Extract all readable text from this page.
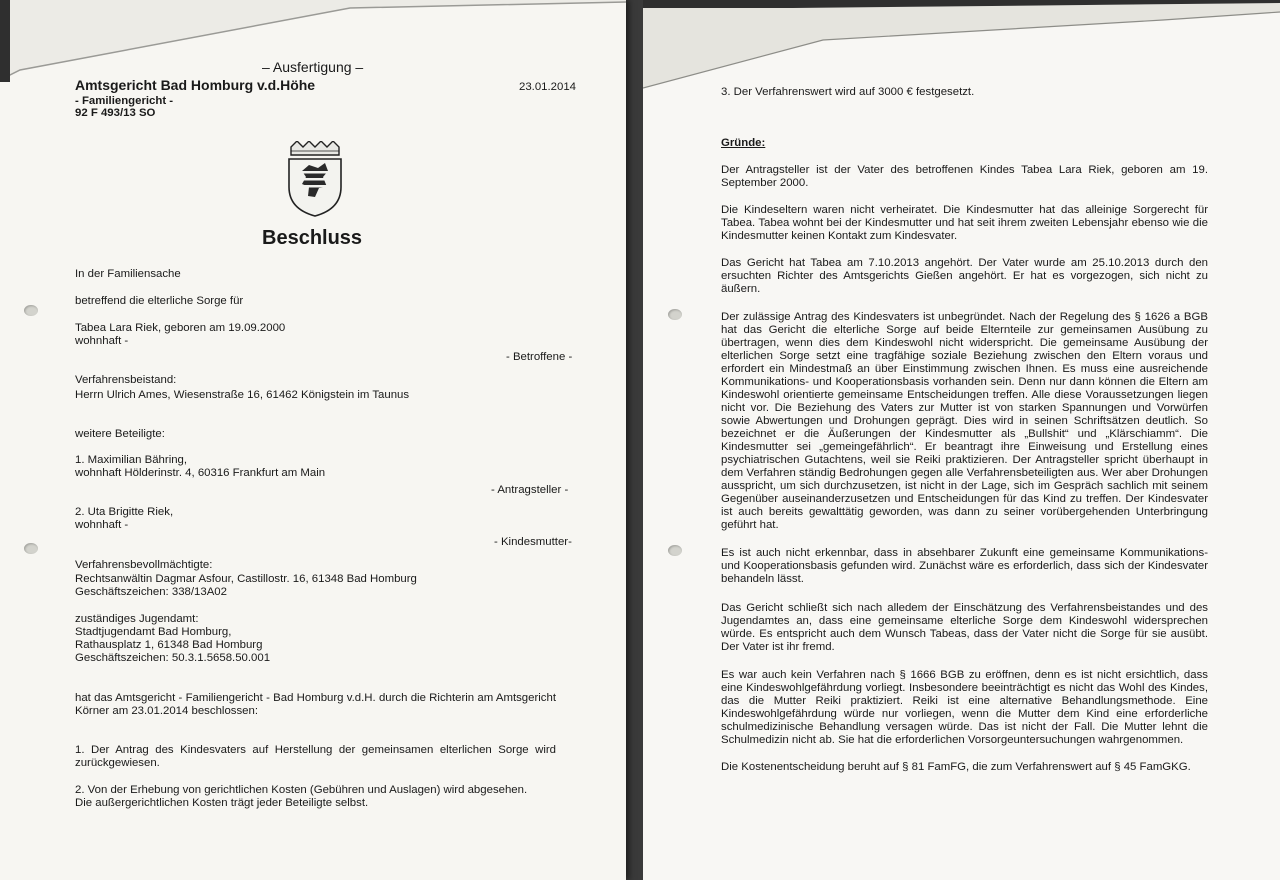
– Ausfertigung –
Amtsgericht Bad Homburg v.d.Höhe	23.01.2014
- Familiengericht -
92 F 493/13 SO
Beschluss
In der Familiensache
betreffend die elterliche Sorge für
Tabea Lara Riek, geboren am 19.09.2000
wohnhaft -
- Betroffene -
Verfahrensbeistand:
Herrn Ulrich Ames, Wiesenstraße 16, 61462 Königstein im Taunus
weitere Beteiligte:
1. Maximilian Bähring,
wohnhaft Hölderinstr. 4, 60316 Frankfurt am Main
- Antragsteller -
2. Uta Brigitte Riek,
wohnhaft -
- Kindesmutter-
Verfahrensbevollmächtigte:
Rechtsanwältin Dagmar Asfour, Castillostr. 16, 61348 Bad Homburg
Geschäftszeichen: 338/13A02
zuständiges Jugendamt:
Stadtjugendamt Bad Homburg,
Rathausplatz 1, 61348 Bad Homburg
Geschäftszeichen: 50.3.1.5658.50.001
hat das Amtsgericht - Familiengericht - Bad Homburg v.d.H. durch die Richterin am Amtsgericht Körner am 23.01.2014 beschlossen:
1. Der Antrag des Kindesvaters auf Herstellung der gemeinsamen elterlichen Sorge wird zurückgewiesen.
2. Von der Erhebung von gerichtlichen Kosten (Gebühren und Auslagen) wird abgesehen.
Die außergerichtlichen Kosten trägt jeder Beteiligte selbst.
3. Der Verfahrenswert wird auf 3000 € festgesetzt.
Gründe:
Der Antragsteller ist der Vater des betroffenen Kindes Tabea Lara Riek, geboren am 19. September 2000.
Die Kindeseltern waren nicht verheiratet. Die Kindesmutter hat das alleinige Sorgerecht für Tabea. Tabea wohnt bei der Kindesmutter und hat seit ihrem zweiten Lebensjahr ebenso wie die Kindesmutter keinen Kontakt zum Kindesvater.
Das Gericht hat Tabea am 7.10.2013 angehört. Der Vater wurde am 25.10.2013 durch den ersuchten Richter des Amtsgerichts Gießen angehört. Er hat es vorgezogen, sich nicht zu äußern.
Der zulässige Antrag des Kindesvaters ist unbegründet. Nach der Regelung des § 1626 a BGB hat das Gericht die elterliche Sorge auf beide Elternteile zur gemeinsamen Ausübung zu übertragen, wenn dies dem Kindeswohl nicht widerspricht. Die gemeinsame Ausübung der elterlichen Sorge setzt eine tragfähige soziale Beziehung zwischen den Eltern voraus und erfordert ein Mindestmaß an über Einstimmung zwischen Ihnen. Es muss eine ausreichende Kommunikations- und Kooperationsbasis vorhanden sein. Denn nur dann können die Eltern am Kindeswohl orientierte gemeinsame Entscheidungen treffen. Alle diese Voraussetzungen liegen nicht vor. Die Beziehung des Vaters zur Mutter ist von starken Spannungen und Vorwürfen sowie Abwertungen und Drohungen geprägt. Dies wird in seinen Schriftsätzen deutlich. So bezeichnet er die Äußerungen der Kindesmutter als „Bullshit“ und „Klärschiamm“. Die Kindesmutter sei „gemeingefährlich“. Er beantragt ihre Einweisung und Erstellung eines psychiatrischen Gutachtens, weil sie Reiki praktizieren. Der Antragsteller spricht überhaupt in dem Verfahren ständig Bedrohungen gegen alle Verfahrensbeteiligten aus. Wer aber Drohungen ausspricht, um sich durchzusetzen, ist nicht in der Lage, sich im Gespräch sachlich mit seinem Gegenüber auseinanderzusetzen und Entscheidungen für das Kind zu treffen. Der Kindesvater ist auch bereits gewalttätig geworden, was dann zu seiner vorübergehenden Unterbringung geführt hat.
Es ist auch nicht erkennbar, dass in absehbarer Zukunft eine gemeinsame Kommunikations- und Kooperationsbasis gefunden wird. Zunächst wäre es erforderlich, dass sich der Kindesvater behandeln lässt.
Das Gericht schließt sich nach alledem der Einschätzung des Verfahrensbeistandes und des Jugendamtes an, dass eine gemeinsame elterliche Sorge dem Kindeswohl widersprechen würde. Es entspricht auch dem Wunsch Tabeas, dass der Vater nicht die Sorge für sie ausübt. Der Vater ist ihr fremd.
Es war auch kein Verfahren nach § 1666 BGB zu eröffnen, denn es ist nicht ersichtlich, dass eine Kindeswohlgefährdung vorliegt. Insbesondere beeinträchtigt es nicht das Wohl des Kindes, das die Mutter Reiki praktiziert. Reiki ist eine alternative Behandlungsmethode. Eine Kindeswohlgefährdung würde nur vorliegen, wenn die Mutter dem Kind eine erforderliche schulmedizinische Behandlung versagen würde. Das ist nicht der Fall. Die Mutter lehnt die Schulmedizin nicht ab. Sie hat die erforderlichen Vorsorgeuntersuchungen wahrgenommen.
Die Kostenentscheidung beruht auf § 81 FamFG, die zum Verfahrenswert auf § 45 FamGKG.
